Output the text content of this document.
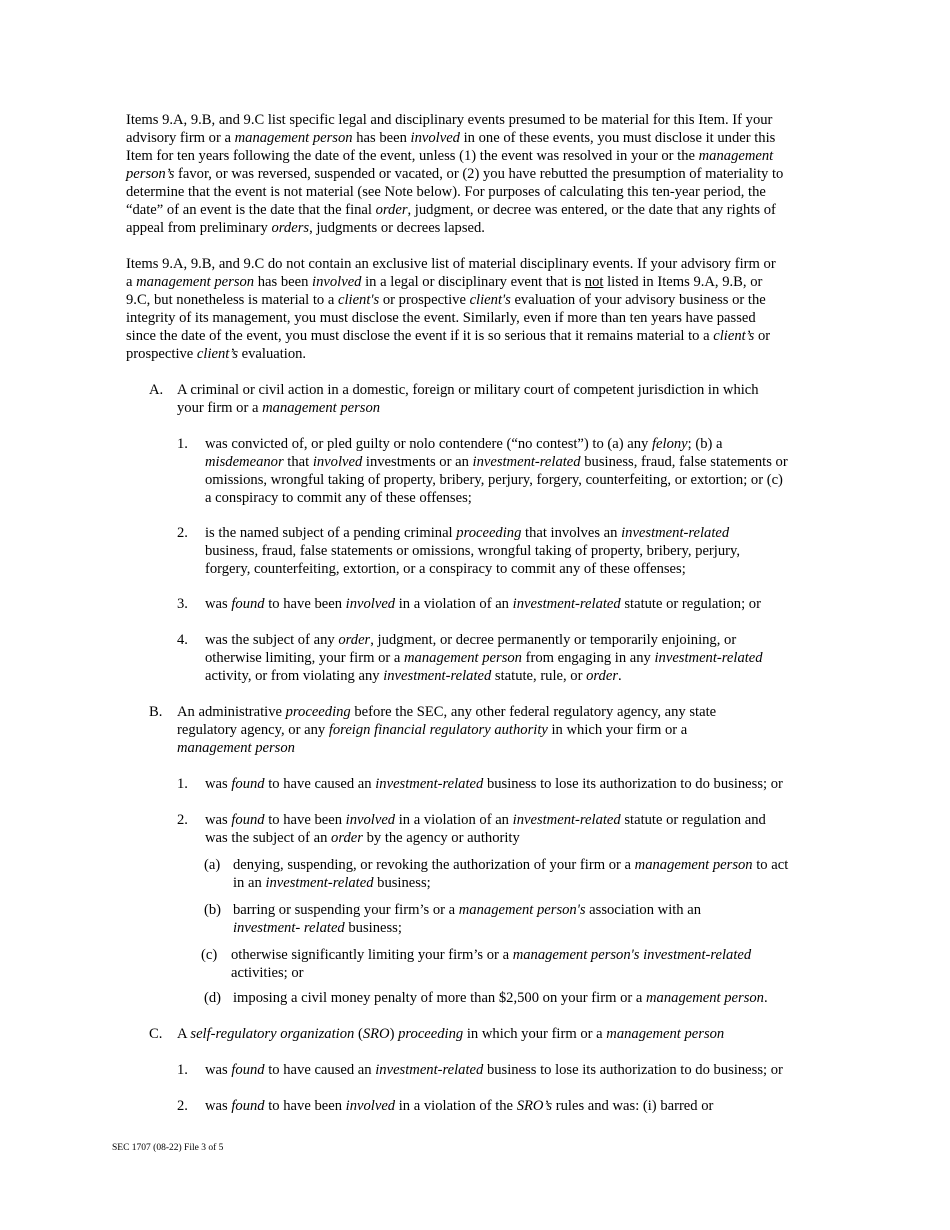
Items 9.A, 9.B, and 9.C list specific legal and disciplinary events presumed to be material for this Item. If your
advisory firm or a management person has been involved in one of these events, you must disclose it under this
Item for ten years following the date of the event, unless (1) the event was resolved in your or the management
person’s favor, or was reversed, suspended or vacated, or (2) you have rebutted the presumption of materiality to
determine that the event is not material (see Note below). For purposes of calculating this ten-year period, the
“date” of an event is the date that the final order, judgment, or decree was entered, or the date that any rights of
appeal from preliminary orders, judgments or decrees lapsed.

Items 9.A, 9.B, and 9.C do not contain an exclusive list of material disciplinary events. If your advisory firm or
a management person has been involved in a legal or disciplinary event that is not listed in Items 9.A, 9.B, or
9.C, but nonetheless is material to a client's or prospective client's evaluation of your advisory business or the
integrity of its management, you must disclose the event. Similarly, even if more than ten years have passed
since the date of the event, you must disclose the event if it is so serious that it remains material to a client’s or
prospective client’s evaluation.

A. A criminal or civil action in a domestic, foreign or military court of competent jurisdiction in which
your firm or a management person

1. was convicted of, or pled guilty or nolo contendere (“no contest”) to (a) any felony; (b) a
misdemeanor that involved investments or an investment-related business, fraud, false statements or
omissions, wrongful taking of property, bribery, perjury, forgery, counterfeiting, or extortion; or (c)
a conspiracy to commit any of these offenses;

2. is the named subject of a pending criminal proceeding that involves an investment-related
business, fraud, false statements or omissions, wrongful taking of property, bribery, perjury,
forgery, counterfeiting, extortion, or a conspiracy to commit any of these offenses;

3. was found to have been involved in a violation of an investment-related statute or regulation; or

4. was the subject of any order, judgment, or decree permanently or temporarily enjoining, or
otherwise limiting, your firm or a management person from engaging in any investment-related
activity, or from violating any investment-related statute, rule, or order.

B. An administrative proceeding before the SEC, any other federal regulatory agency, any state
regulatory agency, or any foreign financial regulatory authority in which your firm or a
management person

1. was found to have caused an investment-related business to lose its authorization to do business; or

2. was found to have been involved in a violation of an investment-related statute or regulation and
was the subject of an order by the agency or authority

(a) denying, suspending, or revoking the authorization of your firm or a management person to act
in an investment-related business;

(b) barring or suspending your firm’s or a management person's association with an
investment- related business;

(c) otherwise significantly limiting your firm’s or a management person's investment-related
activities; or

(d) imposing a civil money penalty of more than $2,500 on your firm or a management person.

C. A self-regulatory organization (SRO) proceeding in which your firm or a management person

1. was found to have caused an investment-related business to lose its authorization to do business; or

2. was found to have been involved in a violation of the SRO’s rules and was: (i) barred or

SEC 1707 (08-22) File 3 of 5
